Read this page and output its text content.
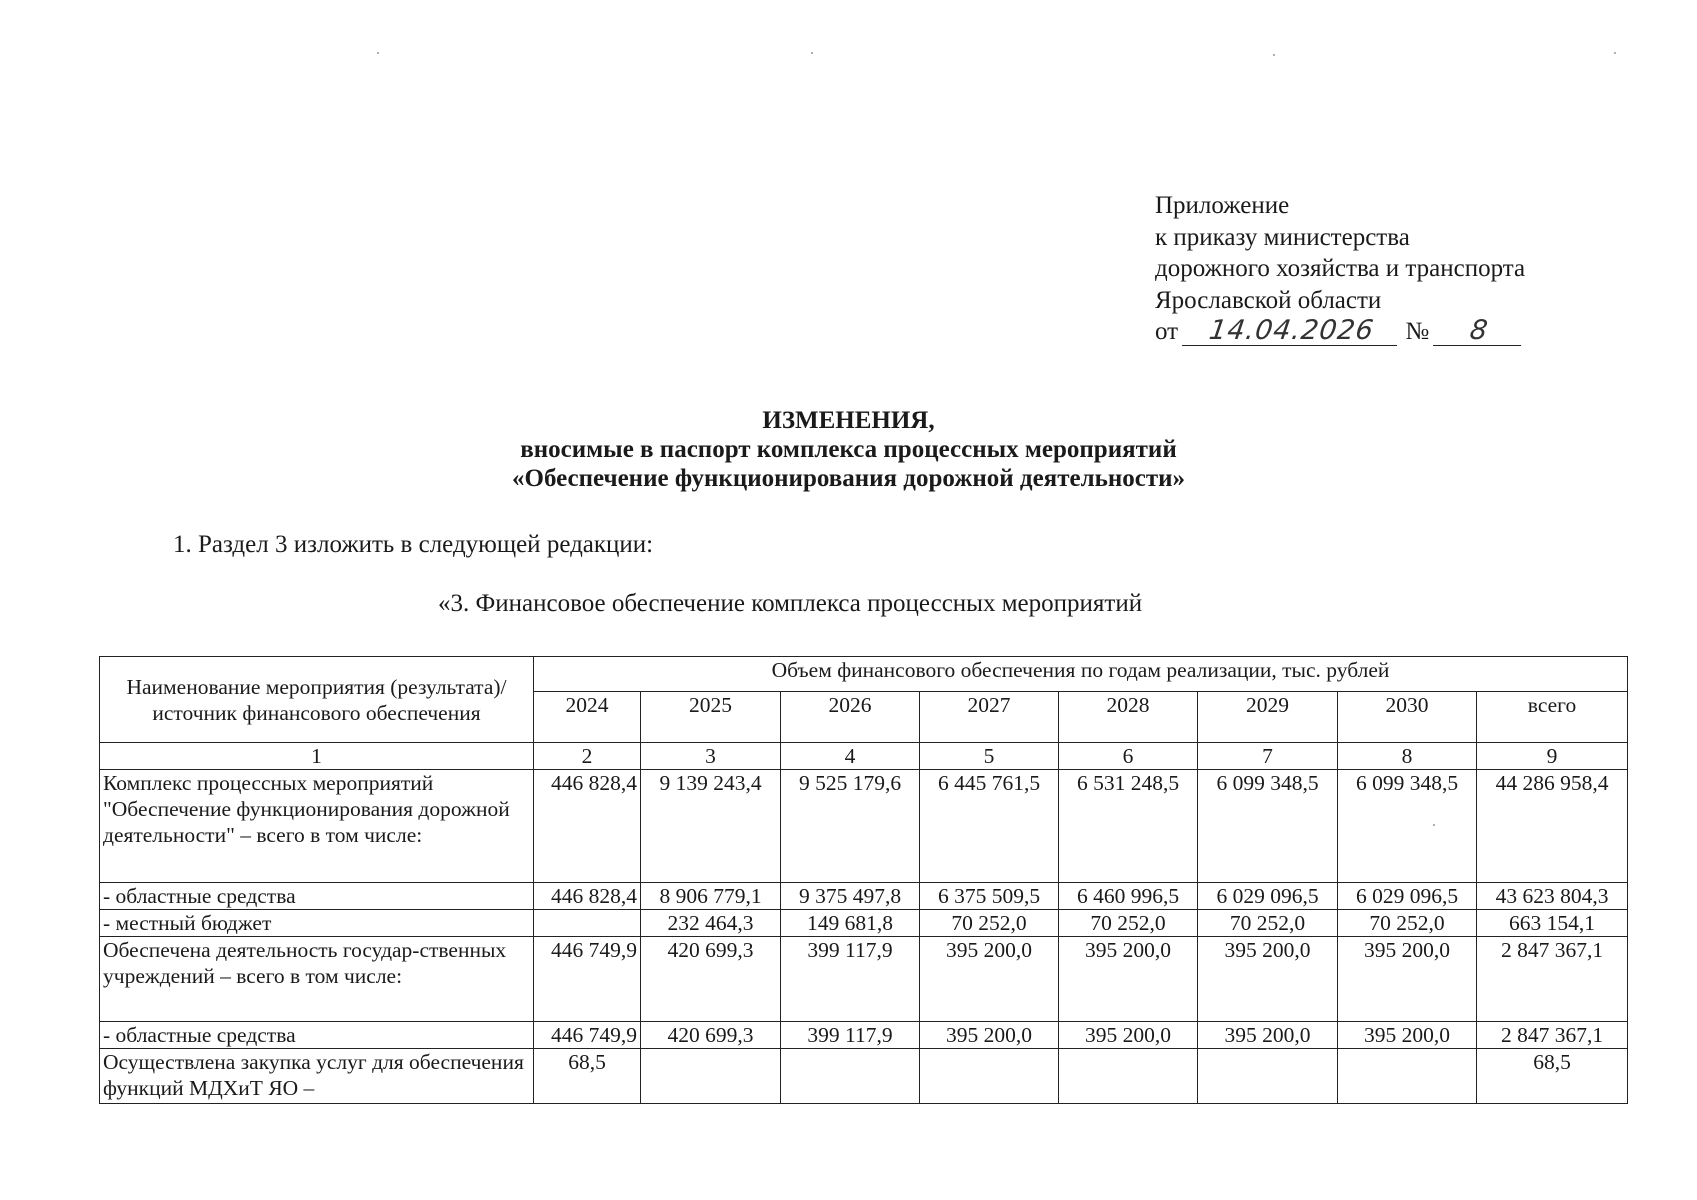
Приложение
к приказу министерства
дорожного хозяйства и транспорта
Ярославской области
от 14.04.2026 № 8
ИЗМЕНЕНИЯ,
вносимые в паспорт комплекса процессных мероприятий
«Обеспечение функционирования дорожной деятельности»
1. Раздел 3 изложить в следующей редакции:
«3. Финансовое обеспечение комплекса процессных мероприятий
Наименование мероприятия (результата)/ источник финансового обеспечения	Объем финансового обеспечения по годам реализации, тыс. рублей							
	2024	2025	2026	2027	2028	2029	2030	всего
1	2	3	4	5	6	7	8	9
Комплекс процессных мероприятий "Обеспечение функционирования дорожной деятельности" – всего в том числе:	446 828,4	9 139 243,4	9 525 179,6	6 445 761,5	6 531 248,5	6 099 348,5	6 099 348,5	44 286 958,4
- областные средства	446 828,4	8 906 779,1	9 375 497,8	6 375 509,5	6 460 996,5	6 029 096,5	6 029 096,5	43 623 804,3
- местный бюджет		232 464,3	149 681,8	70 252,0	70 252,0	70 252,0	70 252,0	663 154,1
Обеспечена деятельность государ-ственных учреждений – всего в том числе:	446 749,9	420 699,3	399 117,9	395 200,0	395 200,0	395 200,0	395 200,0	2 847 367,1
- областные средства	446 749,9	420 699,3	399 117,9	395 200,0	395 200,0	395 200,0	395 200,0	2 847 367,1
Осуществлена закупка услуг для обеспечения функций МДХиТ ЯО –	68,5							68,5
